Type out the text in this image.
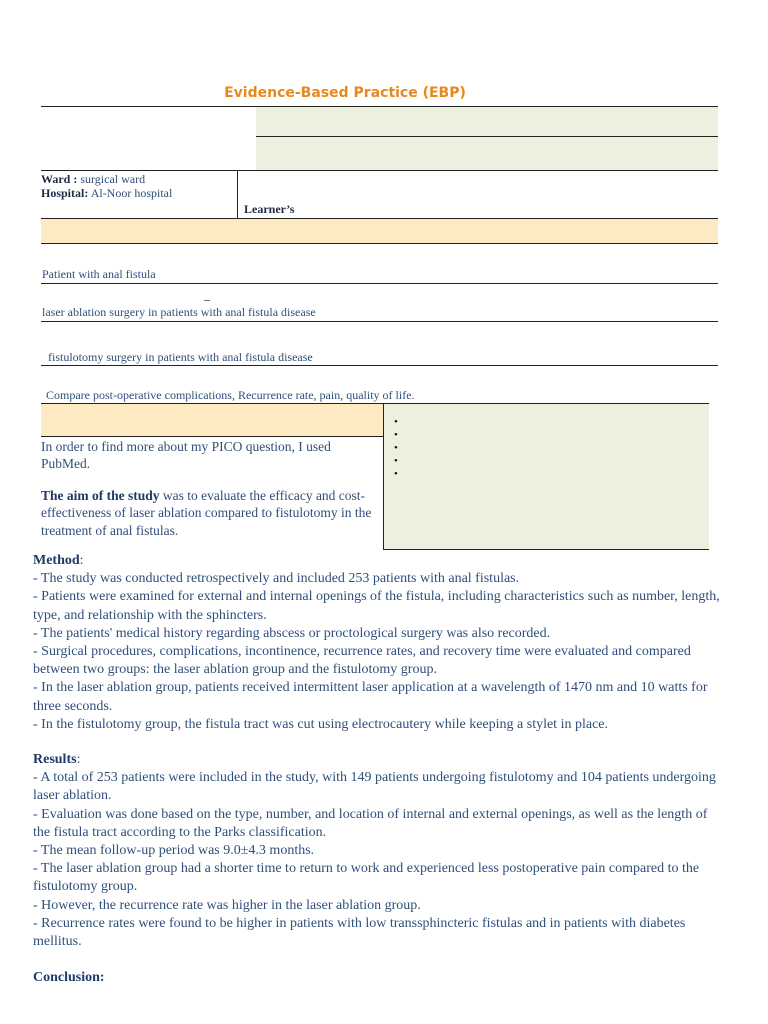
Evidence-Based Practice (EBP)
Ward : surgical ward
Hospital: Al-Noor hospital
Learner’s
Patient with anal fistula
_
laser ablation surgery in patients with anal fistula disease
fistulotomy surgery in patients with anal fistula disease
Compare post-operative complications, Recurrence rate, pain, quality of life.
•
•
•
•
•
In order to find more about my PICO question, I used PubMed.
The aim of the study was to evaluate the efficacy and cost-effectiveness of laser ablation compared to fistulotomy in the treatment of anal fistulas.
Method:
- The study was conducted retrospectively and included 253 patients with anal fistulas.
- Patients were examined for external and internal openings of the fistula, including characteristics such as number, length, type, and relationship with the sphincters.
- The patients' medical history regarding abscess or proctological surgery was also recorded.
- Surgical procedures, complications, incontinence, recurrence rates, and recovery time were evaluated and compared between two groups: the laser ablation group and the fistulotomy group.
- In the laser ablation group, patients received intermittent laser application at a wavelength of 1470 nm and 10 watts for three seconds.
- In the fistulotomy group, the fistula tract was cut using electrocautery while keeping a stylet in place.
Results:
- A total of 253 patients were included in the study, with 149 patients undergoing fistulotomy and 104 patients undergoing laser ablation.
- Evaluation was done based on the type, number, and location of internal and external openings, as well as the length of the fistula tract according to the Parks classification.
- The mean follow-up period was 9.0±4.3 months.
- The laser ablation group had a shorter time to return to work and experienced less postoperative pain compared to the fistulotomy group.
- However, the recurrence rate was higher in the laser ablation group.
- Recurrence rates were found to be higher in patients with low transsphincteric fistulas and in patients with diabetes mellitus.
Conclusion:
